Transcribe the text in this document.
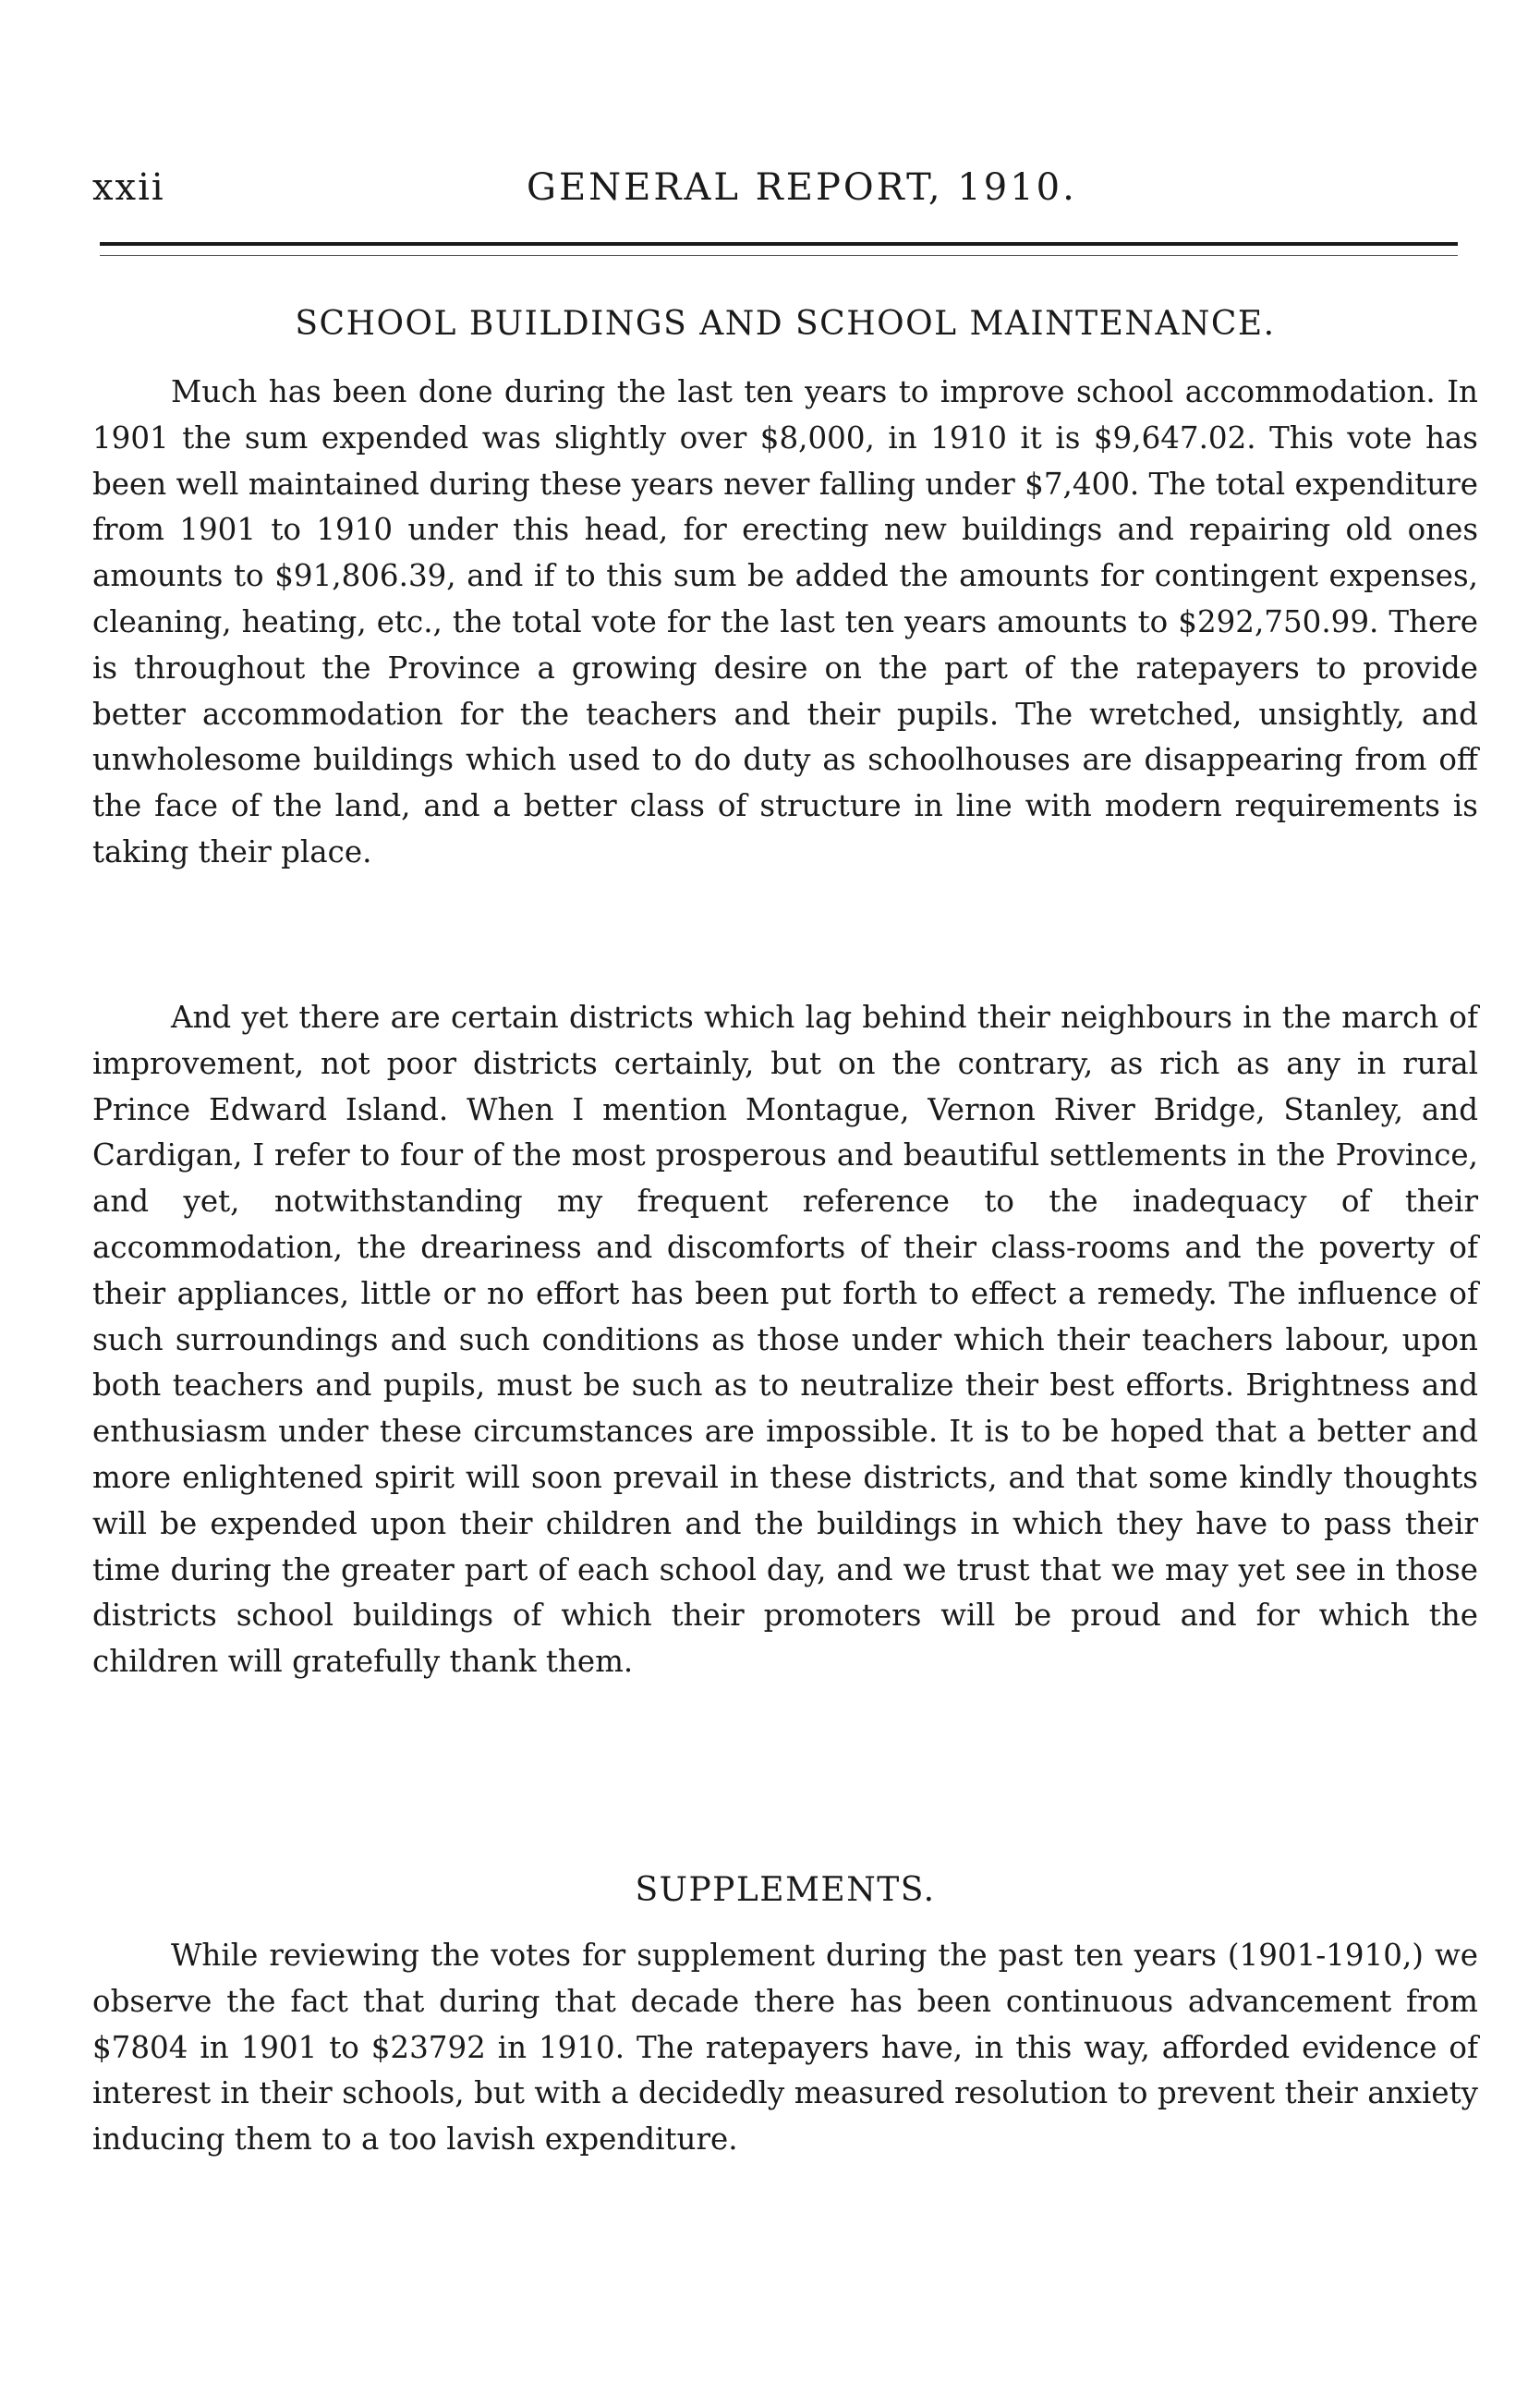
xxii	GENERAL REPORT, 1910.
SCHOOL BUILDINGS AND SCHOOL MAINTENANCE.

Much has been done during the last ten years to improve school accommodation. In 1901 the sum expended was slightly over $8,000, in 1910 it is $9,647.02. This vote has been well maintained during these years never falling under $7,400. The total expenditure from 1901 to 1910 under this head, for erecting new buildings and repairing old ones amounts to $91,806.39, and if to this sum be added the amounts for contingent expenses, cleaning, heating, etc., the total vote for the last ten years amounts to $292,750.99. There is throughout the Province a growing desire on the part of the ratepayers to provide better accommodation for the teachers and their pupils. The wretched, unsightly, and unwholesome buildings which used to do duty as schoolhouses are disappearing from off the face of the land, and a better class of structure in line with modern requirements is taking their place.

And yet there are certain districts which lag behind their neighbours in the march of improvement, not poor districts certainly, but on the contrary, as rich as any in rural Prince Edward Island. When I mention Montague, Vernon River Bridge, Stanley, and Cardigan, I refer to four of the most prosperous and beautiful settlements in the Province, and yet, notwithstanding my frequent reference to the inadequacy of their accommodation, the dreariness and discomforts of their class-rooms and the poverty of their appliances, little or no effort has been put forth to effect a remedy. The influence of such surroundings and such conditions as those under which their teachers labour, upon both teachers and pupils, must be such as to neutralize their best efforts. Brightness and enthusiasm under these circumstances are impossible. It is to be hoped that a better and more enlightened spirit will soon prevail in these districts, and that some kindly thoughts will be expended upon their children and the buildings in which they have to pass their time during the greater part of each school day, and we trust that we may yet see in those districts school buildings of which their promoters will be proud and for which the children will gratefully thank them.

SUPPLEMENTS.

While reviewing the votes for supplement during the past ten years (1901-1910,) we observe the fact that during that decade there has been continuous advancement from $7804 in 1901 to $23792 in 1910. The ratepayers have, in this way, afforded evidence of interest in their schools, but with a decidedly measured resolution to prevent their anxiety inducing them to a too lavish expenditure.
